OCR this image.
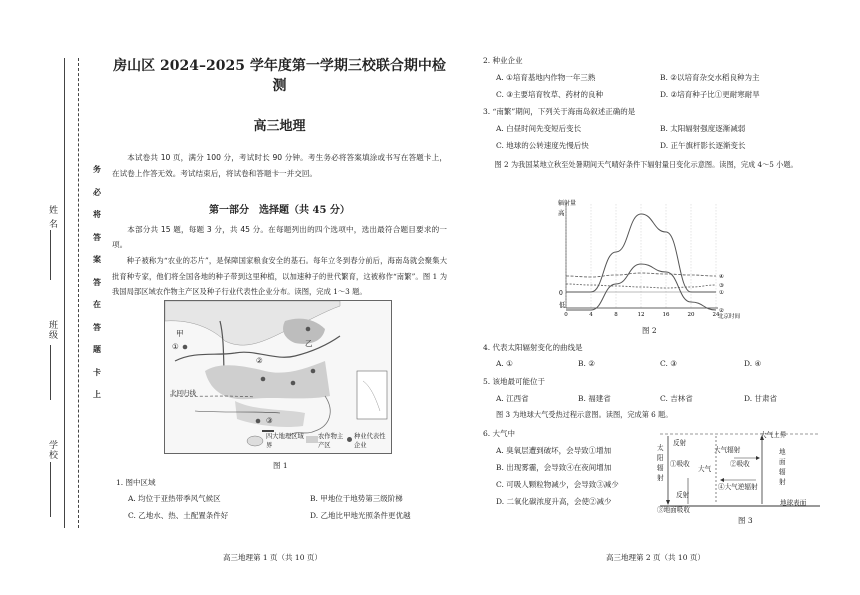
姓 名
班级
学校
务
必
将
答
案
答
在
答
题
卡
上
房山区 2024–2025 学年度第一学期三校联合期中检测
高三地理
本试卷共 10 页，满分 100 分，考试时长 90 分钟。考生务必将答案填涂或书写在答题卡上，在试卷上作答无效。考试结束后，将试卷和答题卡一并交回。
第一部分　选择题（共 45 分）
本部分共 15 题，每题 3 分，共 45 分。在每题列出的四个选项中，选出最符合题目要求的一项。
种子被称为“农业的芯片”，是保障国家粮食安全的基石。每年立冬到春分前后，海南岛就会聚集大批育种专家，他们将全国各地的种子带到这里种植，以加速种子的世代繁育，这被称作“南繁”。图 1 为我国局部区域农作物主产区及种子行业代表性企业分布。读图，完成 1～3 题。
甲
乙
①
②
③
北回归线
四大地理区域界
农作物主产区
种业代表性企业
图 1
1. 图中区域
A. 均位于亚热带季风气候区	B. 甲地位于地势第三级阶梯
C. 乙地水、热、土配置条件好	D. 乙地比甲地光照条件更优越
高三地理第 1 页（共 10 页）
2. 种业企业
A. ①培育基地内作物一年三熟	B. ②以培育杂交水稻良种为主
C. ③主要培育牧草、药材的良种	D. ②培育种子比①更耐寒耐旱
3. “南繁”期间，下列关于海南岛叙述正确的是
A. 白昼时间先变短后变长	B. 太阳辐射强度逐渐减弱
C. 地球的公转速度先慢后快	D. 正午旗杆影长逐渐变长
图 2 为我国某地立秋至处暑期间天气晴好条件下辐射量日变化示意图。读图，完成 4～5 小题。
辐射量
高
0
低
①
②
③
④
0	4	8	12	16	20	24
北京时间
图 2
4. 代表太阳辐射变化的曲线是
A. ①	B. ②	C. ③	D. ④
5. 该地最可能位于
A. 江西省	B. 福建省	C. 吉林省	D. 甘肃省
图 3 为地球大气受热过程示意图。读图，完成第 6 题。
6. 大气中
A. 臭氧层遭到破坏，会导致①增加
B. 出现雾霾，会导致④在夜间增加
C. 可吸人颗粒物减少，会导致③减少
D. 二氧化碳浓度升高，会使②减少
大气上界
太阳辐射
反射
①吸收
大气辐射
大气
②吸收
④大气逆辐射
地面辐射
反射
③地面吸收
地球表面
图 3
高三地理第 2 页（共 10 页）
